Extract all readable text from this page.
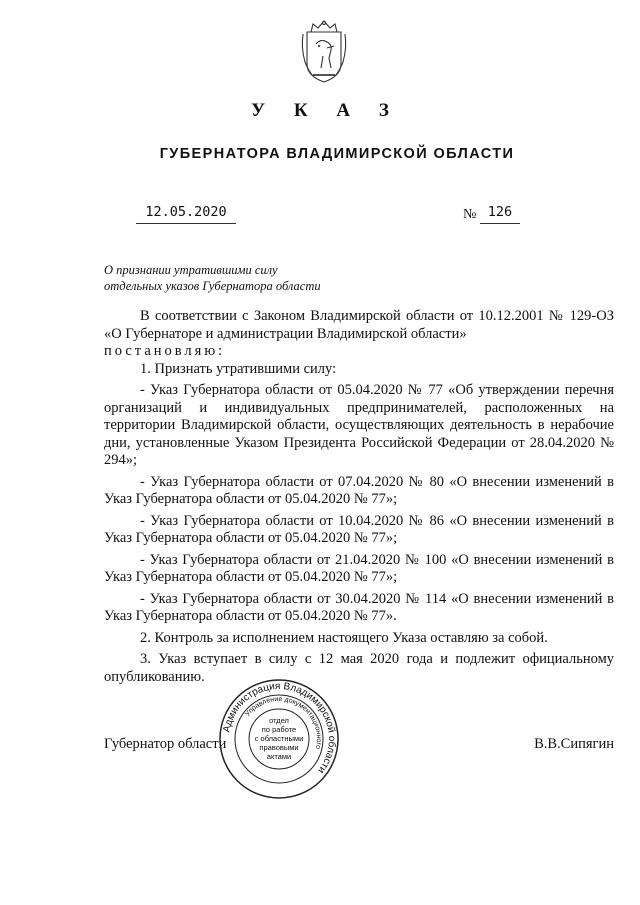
У К А З
ГУБЕРНАТОРА ВЛАДИМИРСКОЙ ОБЛАСТИ
12.05.2020	№ 126
О признании утратившими силу
отдельных указов Губернатора области

В соответствии с Законом Владимирской области от 10.12.2001 № 129-ОЗ «О Губернаторе и администрации Владимирской области»

постановляю:

1. Признать утратившими силу:

- Указ Губернатора области от 05.04.2020 № 77 «Об утверждении перечня организаций и индивидуальных предпринимателей, расположенных на территории Владимирской области, осуществляющих деятельность в нерабочие дни, установленные Указом Президента Российской Федерации от 28.04.2020 № 294»;

- Указ Губернатора области от 07.04.2020 № 80 «О внесении изменений в Указ Губернатора области от 05.04.2020 № 77»;

- Указ Губернатора области от 10.04.2020 № 86 «О внесении изменений в Указ Губернатора области от 05.04.2020 № 77»;

- Указ Губернатора области от 21.04.2020 № 100 «О внесении изменений в Указ Губернатора области от 05.04.2020 № 77»;

- Указ Губернатора области от 30.04.2020 № 114 «О внесении изменений в Указ Губернатора области от 05.04.2020 № 77».

2. Контроль за исполнением настоящего Указа оставляю за собой.

3. Указ вступает в силу с 12 мая 2020 года и подлежит официальному опубликованию.

Губернатор области	В.В.Сипягин
Администрация Владимирской области
Управление документационного
отдел
по работе
с областными
правовыми
актами
